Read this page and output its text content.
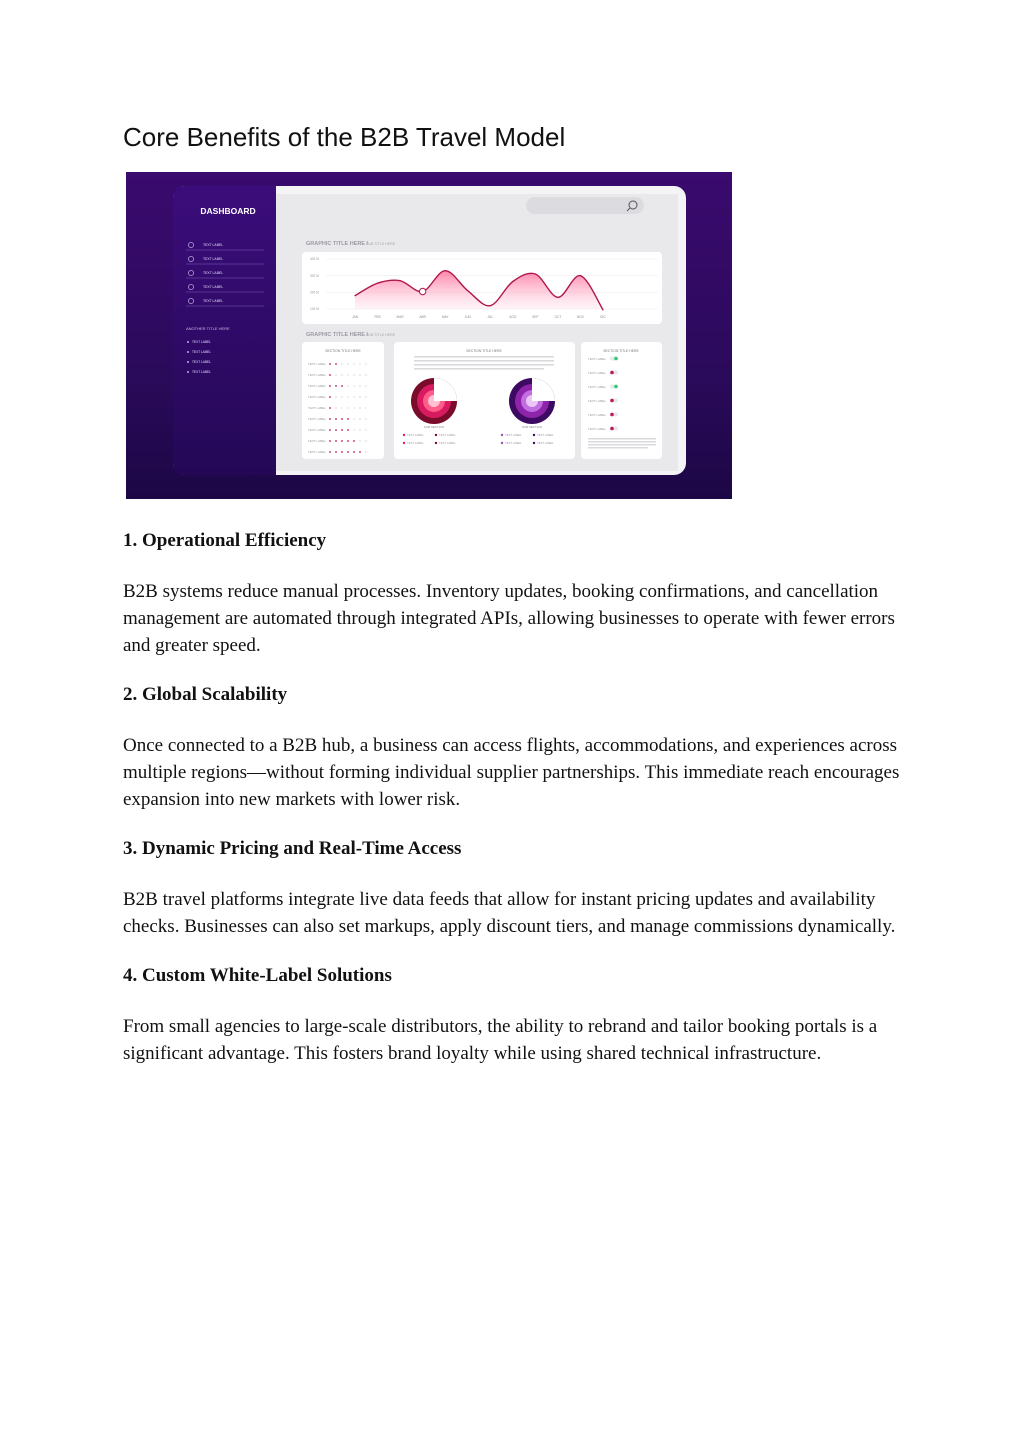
Core Benefits of the B2B Travel Model
DASHBOARD
TEXT LABEL
TEXT LABEL
TEXT LABEL
TEXT LABEL
TEXT LABEL
ANOTHER TITLE HERE
TEXT LABEL
TEXT LABEL
TEXT LABEL
TEXT LABEL
GRAPHIC TITLE HERE /
SUB TITLE HERE
400 M
300 M
200 M
100 M
JAN	FEB	MAR	ABR	MAY	JUN	JUL	AGO	SEP	OCT	NOV	DIC
GRAPHIC TITLE HERE /
SUB TITLE HERE
SECTION TITLE HERE
TEXT LABEL
TEXT LABEL
TEXT LABEL
TEXT LABEL
TEXT LABEL
TEXT LABEL
TEXT LABEL
TEXT LABEL
TEXT LABEL
SECTION TITLE HERE
SUB SECTION	SUB SECTION
TEXT LABEL	TEXT LABEL
TEXT LABEL	TEXT LABEL
TEXT LABEL	TEXT LABEL
TEXT LABEL	TEXT LABEL
SECTION TITLE HERE
TEXT LABEL
TEXT LABEL
TEXT LABEL
TEXT LABEL
TEXT LABEL
TEXT LABEL
1. Operational Efficiency

B2B systems reduce manual processes. Inventory updates, booking confirmations, and cancellation management are automated through integrated APIs, allowing businesses to operate with fewer errors and greater speed.

2. Global Scalability

Once connected to a B2B hub, a business can access flights, accommodations, and experiences across multiple regions—without forming individual supplier partnerships. This immediate reach encourages expansion into new markets with lower risk.

3. Dynamic Pricing and Real-Time Access

B2B travel platforms integrate live data feeds that allow for instant pricing updates and availability checks. Businesses can also set markups, apply discount tiers, and manage commissions dynamically.

4. Custom White-Label Solutions

From small agencies to large-scale distributors, the ability to rebrand and tailor booking portals is a significant advantage. This fosters brand loyalty while using shared technical infrastructure.
